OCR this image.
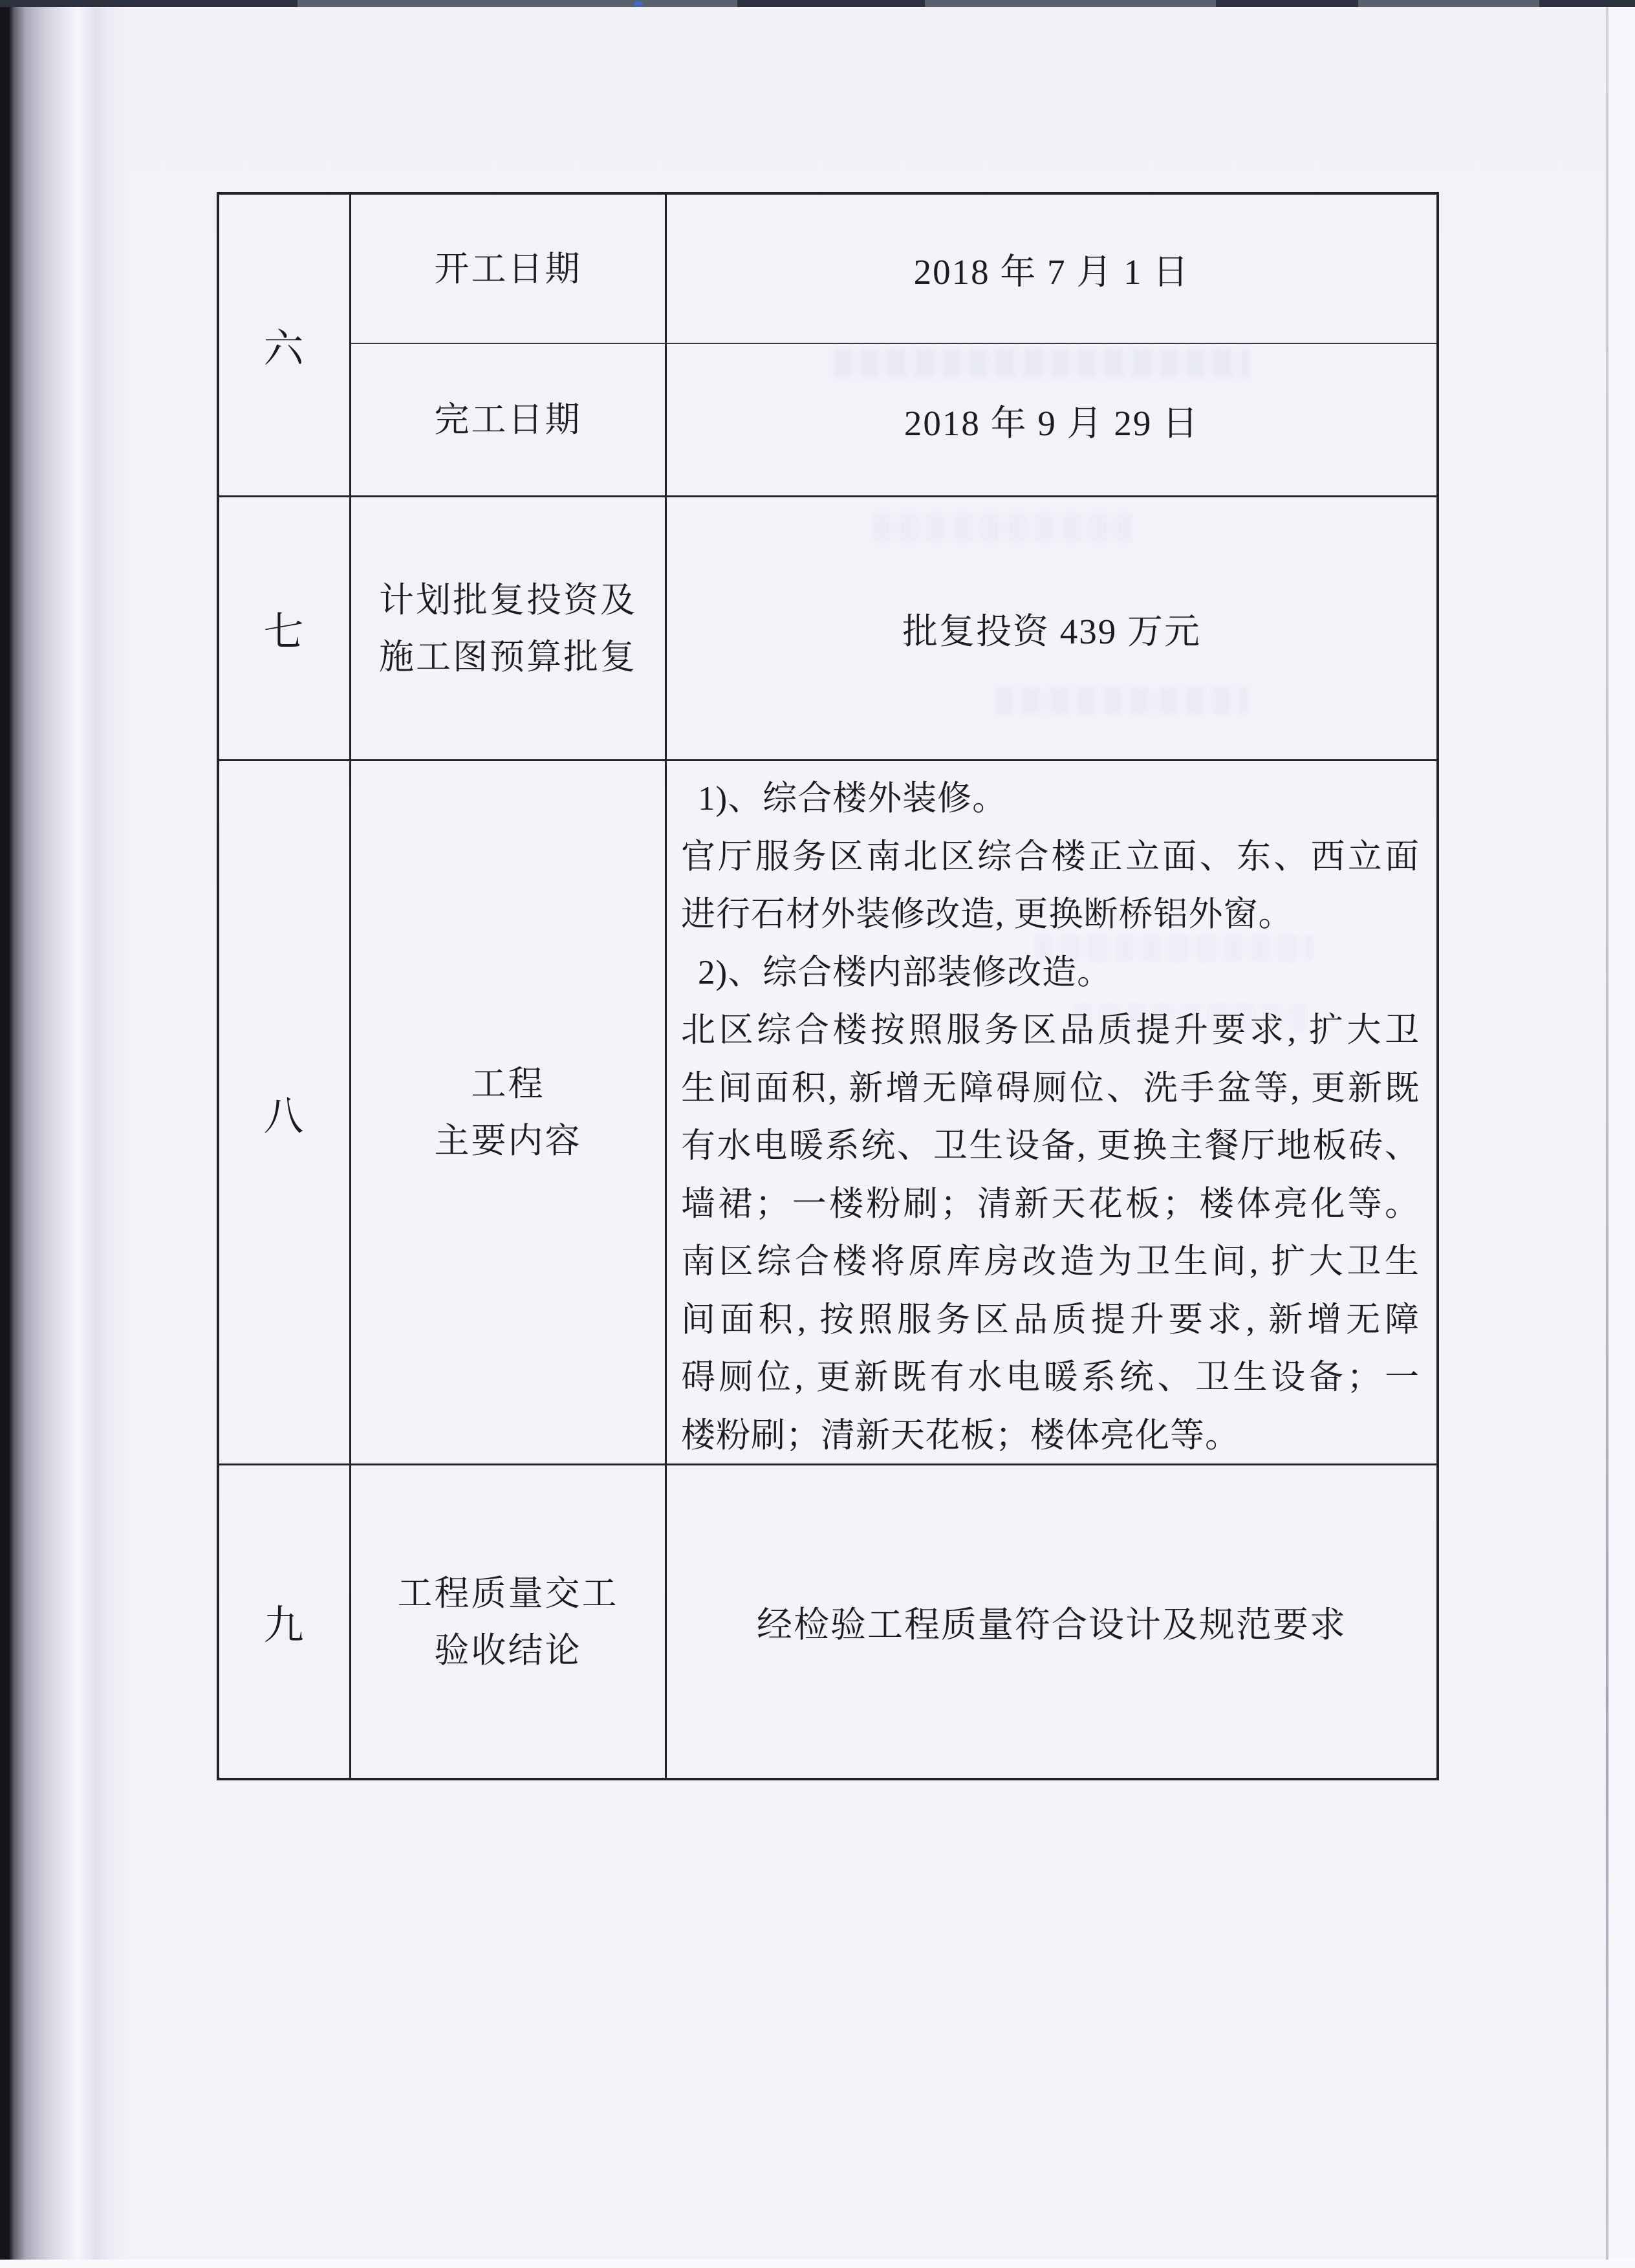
六
开工日期	2018 年 7 月 1 日
完工日期	2018 年 9 月 29 日
七
计划批复投资及
施工图预算批复
批复投资 439 万元
八
工程
主要内容
1)、综合楼外装修。
官厅服务区南北区综合楼正立面、东、西立面
进行石材外装修改造, 更换断桥铝外窗。
2)、综合楼内部装修改造。
北区综合楼按照服务区品质提升要求, 扩大卫
生间面积, 新增无障碍厕位、洗手盆等, 更新既
有水电暖系统、卫生设备, 更换主餐厅地板砖、
墙裙；一楼粉刷；清新天花板；楼体亮化等。
南区综合楼将原库房改造为卫生间, 扩大卫生
间面积, 按照服务区品质提升要求, 新增无障
碍厕位, 更新既有水电暖系统、卫生设备；一
楼粉刷；清新天花板；楼体亮化等。
九
工程质量交工
验收结论
经检验工程质量符合设计及规范要求
